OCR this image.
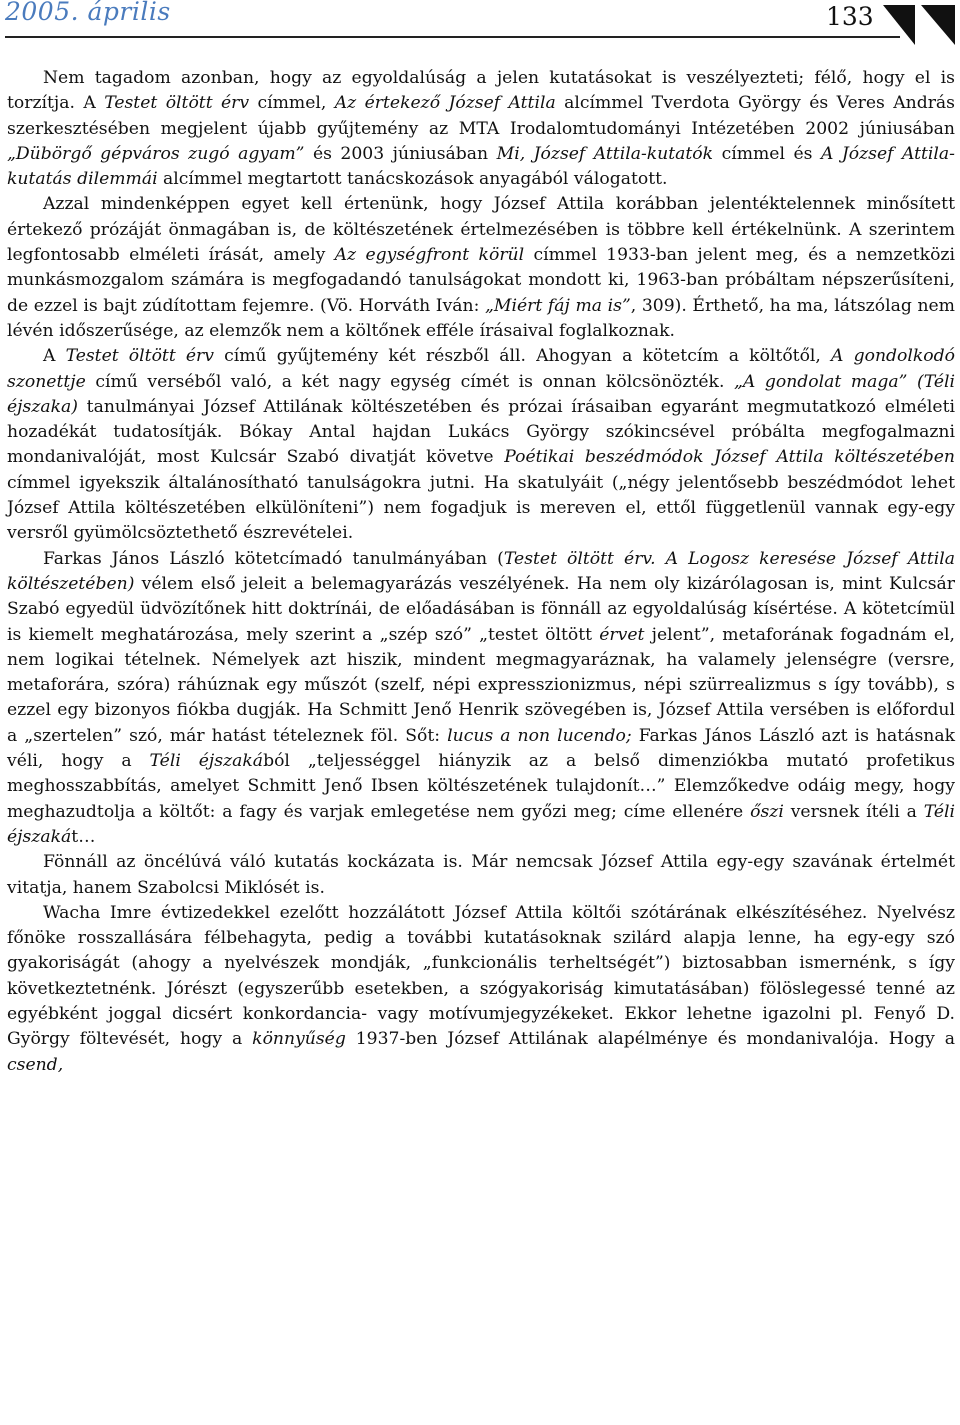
2005. április	133

Nem tagadom azonban, hogy az egyoldalúság a jelen kutatásokat is veszélyezteti; félő, hogy el is torzítja. A Testet öltött érv címmel, Az értekező József Attila alcímmel Tverdota György és Veres András szerkesztésében megjelent újabb gyűjtemény az MTA Irodalomtudományi Intézetében 2002 júniusában „Dübörgő gépváros zugó agyam” és 2003 júniusában Mi, József Attila-kutatók címmel és A József Attila-kutatás dilemmái alcímmel megtartott tanácskozások anyagából válogatott.

Azzal mindenképpen egyet kell értenünk, hogy József Attila korábban jelentéktelennek minősített értekező prózáját önmagában is, de költészetének értelmezésében is többre kell értékelnünk. A szerintem legfontosabb elméleti írását, amely Az egységfront körül címmel 1933-ban jelent meg, és a nemzetközi munkásmozgalom számára is megfogadandó tanulságokat mondott ki, 1963-ban próbáltam népszerűsíteni, de ezzel is bajt zúdítottam fejemre. (Vö. Horváth Iván: „Miért fáj ma is”, 309). Érthető, ha ma, látszólag nem lévén időszerűsége, az elemzők nem a költőnek efféle írásaival foglalkoznak.

A Testet öltött érv című gyűjtemény két részből áll. Ahogyan a kötetcím a költőtől, A gondolkodó szonettje című verséből való, a két nagy egység címét is onnan kölcsönözték. „A gondolat maga” (Téli éjszaka) tanulmányai József Attilának költészetében és prózai írásaiban egyaránt megmutatkozó elméleti hozadékát tudatosítják. Bókay Antal hajdan Lukács György szókincsével próbálta megfogalmazni mondanivalóját, most Kulcsár Szabó divatját követve Poétikai beszédmódok József Attila költészetében címmel igyekszik általánosítható tanulságokra jutni. Ha skatulyáit („négy jelentősebb beszédmódot lehet József Attila költészetében elkülöníteni”) nem fogadjuk is mereven el, ettől függetlenül vannak egy-egy versről gyümölcsöztethető észrevételei.

Farkas János László kötetcímadó tanulmányában (Testet öltött érv. A Logosz keresése József Attila költészetében) vélem első jeleit a belemagyarázás veszélyének. Ha nem oly kizárólagosan is, mint Kulcsár Szabó egyedül üdvözítőnek hitt doktrínái, de előadásában is fönnáll az egyoldalúság kísértése. A kötetcímül is kiemelt meghatározása, mely szerint a „szép szó” „testet öltött érvet jelent”, metaforának fogadnám el, nem logikai tételnek. Némelyek azt hiszik, mindent megmagyaráznak, ha valamely jelenségre (versre, metaforára, szóra) ráhúznak egy műszót (szelf, népi expresszionizmus, népi szürrealizmus s így tovább), s ezzel egy bizonyos fiókba dugják. Ha Schmitt Jenő Henrik szövegében is, József Attila versében is előfordul a „szertelen” szó, már hatást tételeznek föl. Sőt: lucus a non lucendo; Farkas János László azt is hatásnak véli, hogy a Téli éjszakából „teljességgel hiányzik az a belső dimenziókba mutató profetikus meghosszabbítás, amelyet Schmitt Jenő Ibsen költészetének tulajdonít…” Elemzőkedve odáig megy, hogy meghazudtolja a költőt: a fagy és varjak emlegetése nem győzi meg; címe ellenére őszi versnek ítéli a Téli éjszakát…

Fönnáll az öncélúvá váló kutatás kockázata is. Már nemcsak József Attila egy-egy szavának értelmét vitatja, hanem Szabolcsi Miklósét is.

Wacha Imre évtizedekkel ezelőtt hozzálátott József Attila költői szótárának elkészítéséhez. Nyelvész főnöke rosszallására félbehagyta, pedig a további kutatásoknak szilárd alapja lenne, ha egy-egy szó gyakoriságát (ahogy a nyelvészek mondják, „funkcionális terheltségét”) biztosabban ismernénk, s így következtetnénk. Jórészt (egyszerűbb esetekben, a szógyakoriság kimutatásában) fölöslegessé tenné az egyébként joggal dicsért konkordancia- vagy motívumjegyzékeket. Ekkor lehetne igazolni pl. Fenyő D. György föltevését, hogy a könnyűség 1937-ben József Attilának alapélménye és mondanivalója. Hogy a csend,
